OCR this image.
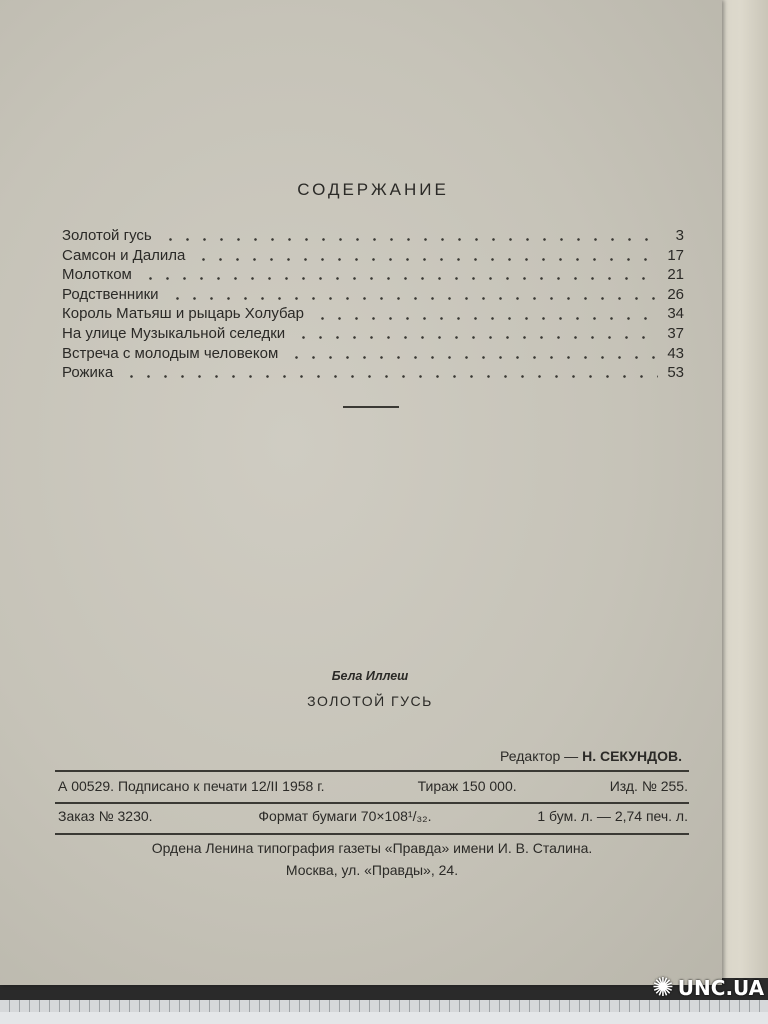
СОДЕРЖАНИЕ
Золотой гусь	3
Самсон и Далила	17
Молотком	21
Родственники	26
Король Матьяш и рыцарь Холубар	34
На улице Музыкальной селедки	37
Встреча с молодым человеком	43
Рожика	53
Бела Иллеш
ЗОЛОТОЙ ГУСЬ
Редактор — Н. СЕКУНДОВ.
А 00529. Подписано к печати 12/II 1958 г.	Тираж 150 000.	Изд. № 255.
Заказ № 3230.	Формат бумаги 70×108¹/₃₂.	1 бум. л. — 2,74 печ. л.
Ордена Ленина типография газеты «Правда» имени И. В. Сталина.
Москва, ул. «Правды», 24.
✺ UNC.UA
